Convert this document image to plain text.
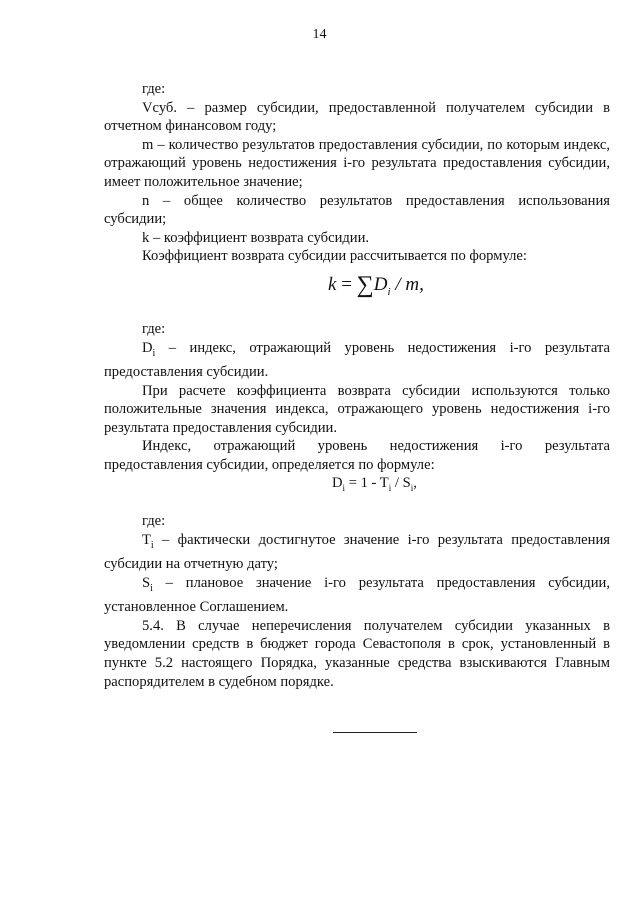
14

где:

Vсуб. – размер субсидии, предоставленной получателем субсидии в отчетном финансовом году;

m – количество результатов предоставления субсидии, по которым индекс, отражающий уровень недостижения i-го результата предоставления субсидии, имеет положительное значение;

n – общее количество результатов предоставления использования субсидии;

k – коэффициент возврата субсидии.

Коэффициент возврата субсидии рассчитывается по формуле:

$k = \sum D_i / m$,

где:

$D_i$ – индекс, отражающий уровень недостижения i-го результата предоставления субсидии.

При расчете коэффициента возврата субсидии используются только положительные значения индекса, отражающего уровень недостижения i-го результата предоставления субсидии.

Индекс, отражающий уровень недостижения i-го результата предоставления субсидии, определяется по формуле:

$D_i = 1 - T_i / S_i$,

где:

$T_i$ – фактически достигнутое значение i-го результата предоставления субсидии на отчетную дату;

$S_i$ – плановое значение i-го результата предоставления субсидии, установленное Соглашением.

5.4. В случае неперечисления получателем субсидии указанных в уведомлении средств в бюджет города Севастополя в срок, установленный в пункте 5.2 настоящего Порядка, указанные средства взыскиваются Главным распорядителем в судебном порядке.
